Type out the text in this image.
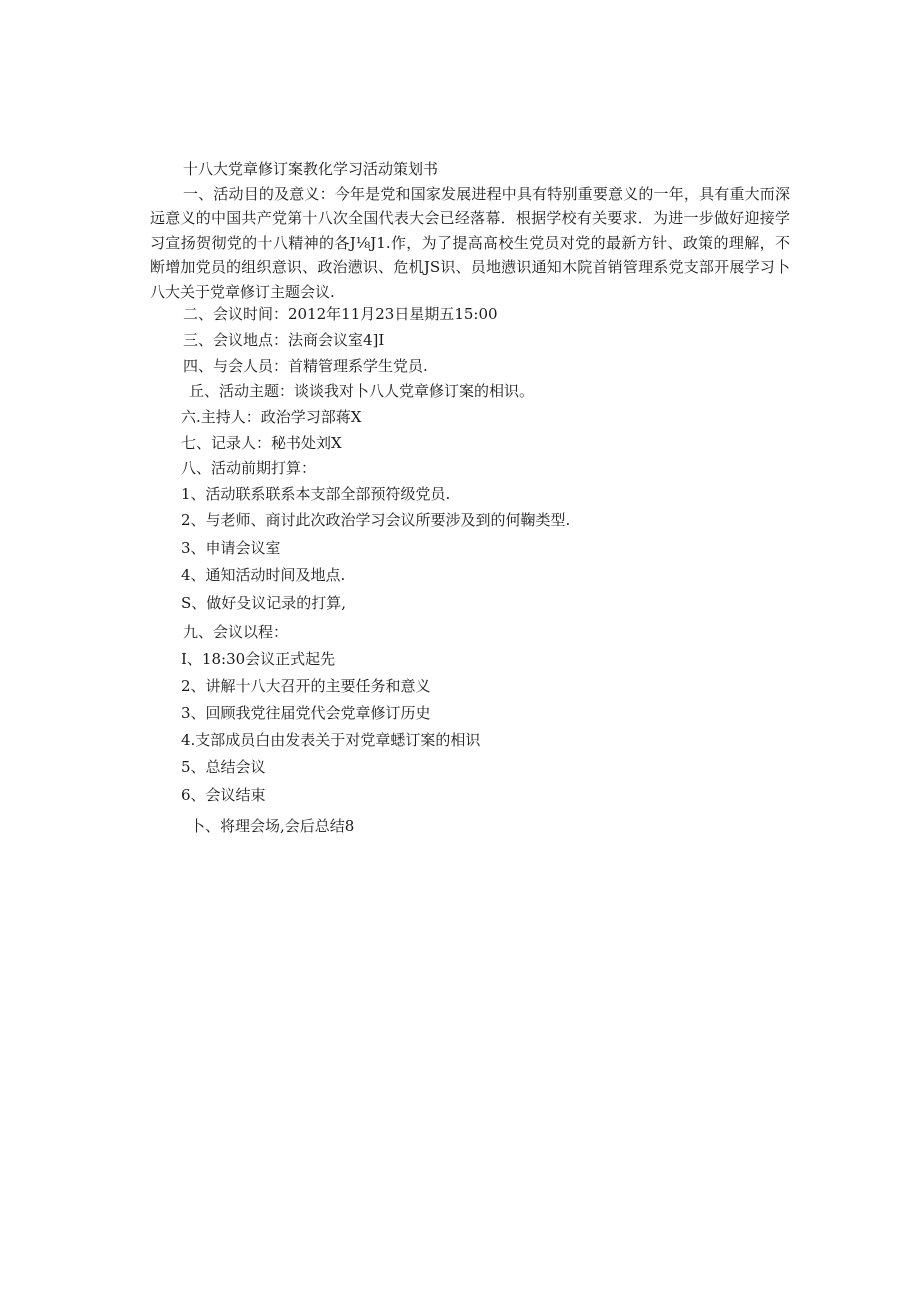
十八大党章修订案教化学习活动策划书

一、活动目的及意义：今年是党和国家发展进程中具有特别重要意义的一年，具有重大而深远意义的中国共产党第十八次全国代表大会已经落幕．根据学校有关要求．为进一步做好迎接学习宣扬贺彻党的十八精神的各J⅛J1.作，为了提高髙校生党员对党的最新方针、政策的理解，不断增加党员的组织意识、政治懑识、危机JS识、员地懑识通知木院首销管理系党支部开展学习卜八大关于党章修订主题会议.

二、会议时间：2012年11月23日星期五15:00
三、会议地点：法商会议室4]I
四、与会人员：首精管理系学生党员.
丘、活动主题：谈谈我对卜八人党章修订案的相识。
六.主持人：政治学习部蒋X
七、记录人：秘书处刘X
八、活动前期打算：
1、活动联系联系本支部全部预符级党员.
2、与老师、商讨此次政治学习会议所要涉及到的何鞠类型.
3、申请会议室
4、通知活动时间及地点.
S、做好殳议记录的打算,
九、会议以程：
I、18:30会议正式起先
2、讲解十八大召开的主要任务和意义
3、回顾我党往届党代会党章修订历史
4.支部成员白由发表关于对党章蟋订案的相识
5、总结会议
6、会议结束
卜、将理会场,会后总结8
